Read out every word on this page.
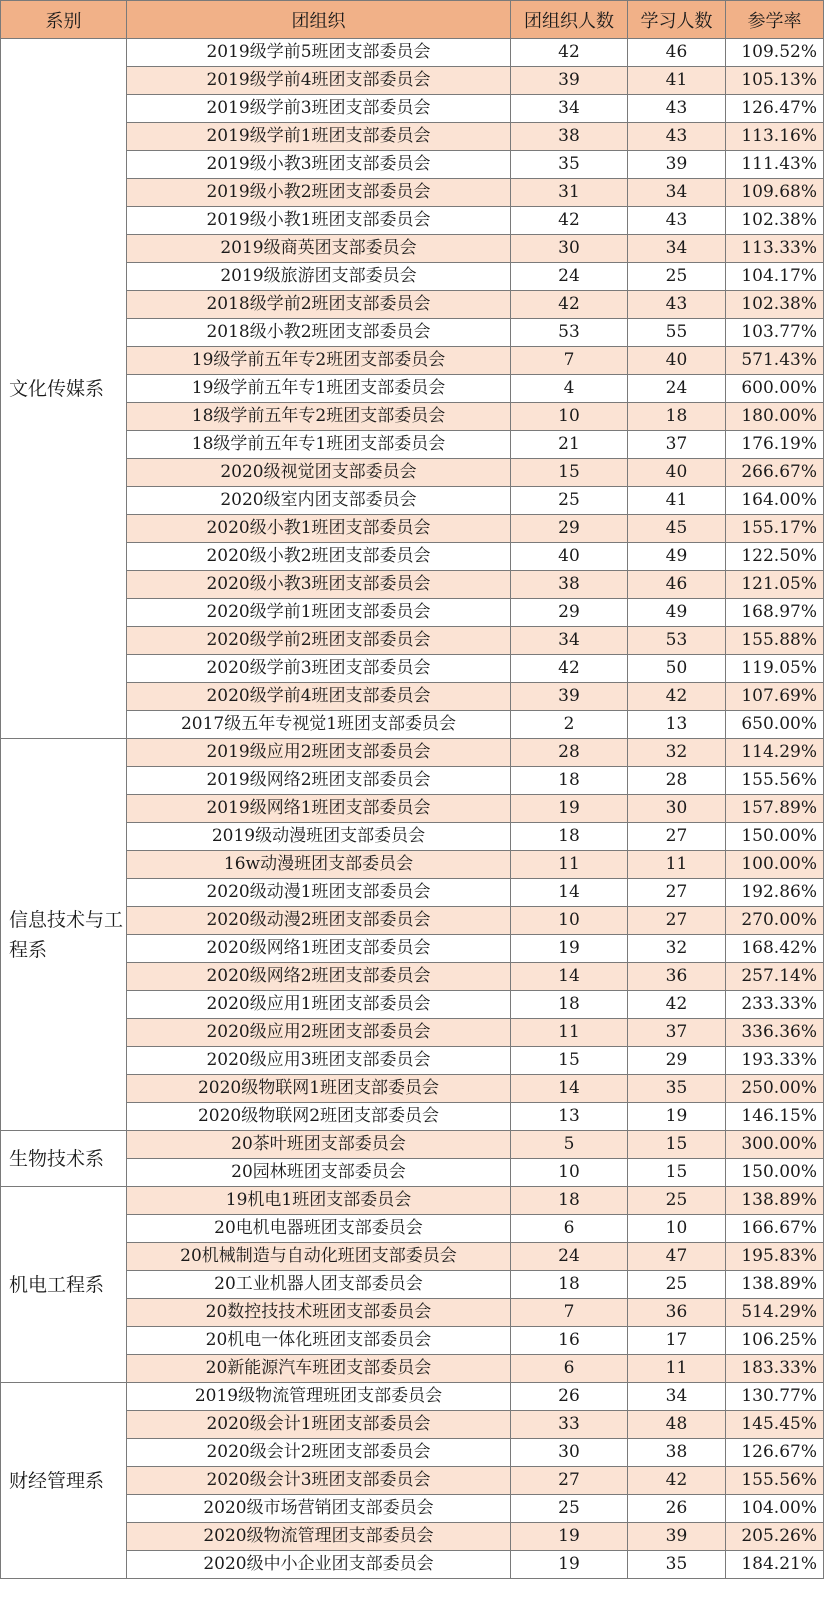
系别	团组织	团组织人数	学习人数	参学率
文化传媒系	2019级学前5班团支部委员会	42	46	109.52%
	2019级学前4班团支部委员会	39	41	105.13%
	2019级学前3班团支部委员会	34	43	126.47%
	2019级学前1班团支部委员会	38	43	113.16%
	2019级小教3班团支部委员会	35	39	111.43%
	2019级小教2班团支部委员会	31	34	109.68%
	2019级小教1班团支部委员会	42	43	102.38%
	2019级商英团支部委员会	30	34	113.33%
	2019级旅游团支部委员会	24	25	104.17%
	2018级学前2班团支部委员会	42	43	102.38%
	2018级小教2班团支部委员会	53	55	103.77%
	19级学前五年专2班团支部委员会	7	40	571.43%
	19级学前五年专1班团支部委员会	4	24	600.00%
	18级学前五年专2班团支部委员会	10	18	180.00%
	18级学前五年专1班团支部委员会	21	37	176.19%
	2020级视觉团支部委员会	15	40	266.67%
	2020级室内团支部委员会	25	41	164.00%
	2020级小教1班团支部委员会	29	45	155.17%
	2020级小教2班团支部委员会	40	49	122.50%
	2020级小教3班团支部委员会	38	46	121.05%
	2020级学前1班团支部委员会	29	49	168.97%
	2020级学前2班团支部委员会	34	53	155.88%
	2020级学前3班团支部委员会	42	50	119.05%
	2020级学前4班团支部委员会	39	42	107.69%
	2017级五年专视觉1班团支部委员会	2	13	650.00%
信息技术与工程系	2019级应用2班团支部委员会	28	32	114.29%
	2019级网络2班团支部委员会	18	28	155.56%
	2019级网络1班团支部委员会	19	30	157.89%
	2019级动漫班团支部委员会	18	27	150.00%
	16w动漫班团支部委员会	11	11	100.00%
	2020级动漫1班团支部委员会	14	27	192.86%
	2020级动漫2班团支部委员会	10	27	270.00%
	2020级网络1班团支部委员会	19	32	168.42%
	2020级网络2班团支部委员会	14	36	257.14%
	2020级应用1班团支部委员会	18	42	233.33%
	2020级应用2班团支部委员会	11	37	336.36%
	2020级应用3班团支部委员会	15	29	193.33%
	2020级物联网1班团支部委员会	14	35	250.00%
	2020级物联网2班团支部委员会	13	19	146.15%
生物技术系	20茶叶班团支部委员会	5	15	300.00%
	20园林班团支部委员会	10	15	150.00%
机电工程系	19机电1班团支部委员会	18	25	138.89%
	20电机电器班团支部委员会	6	10	166.67%
	20机械制造与自动化班团支部委员会	24	47	195.83%
	20工业机器人团支部委员会	18	25	138.89%
	20数控技技术班团支部委员会	7	36	514.29%
	20机电一体化班团支部委员会	16	17	106.25%
	20新能源汽车班团支部委员会	6	11	183.33%
财经管理系	2019级物流管理班团支部委员会	26	34	130.77%
	2020级会计1班团支部委员会	33	48	145.45%
	2020级会计2班团支部委员会	30	38	126.67%
	2020级会计3班团支部委员会	27	42	155.56%
	2020级市场营销团支部委员会	25	26	104.00%
	2020级物流管理团支部委员会	19	39	205.26%
	2020级中小企业团支部委员会	19	35	184.21%
